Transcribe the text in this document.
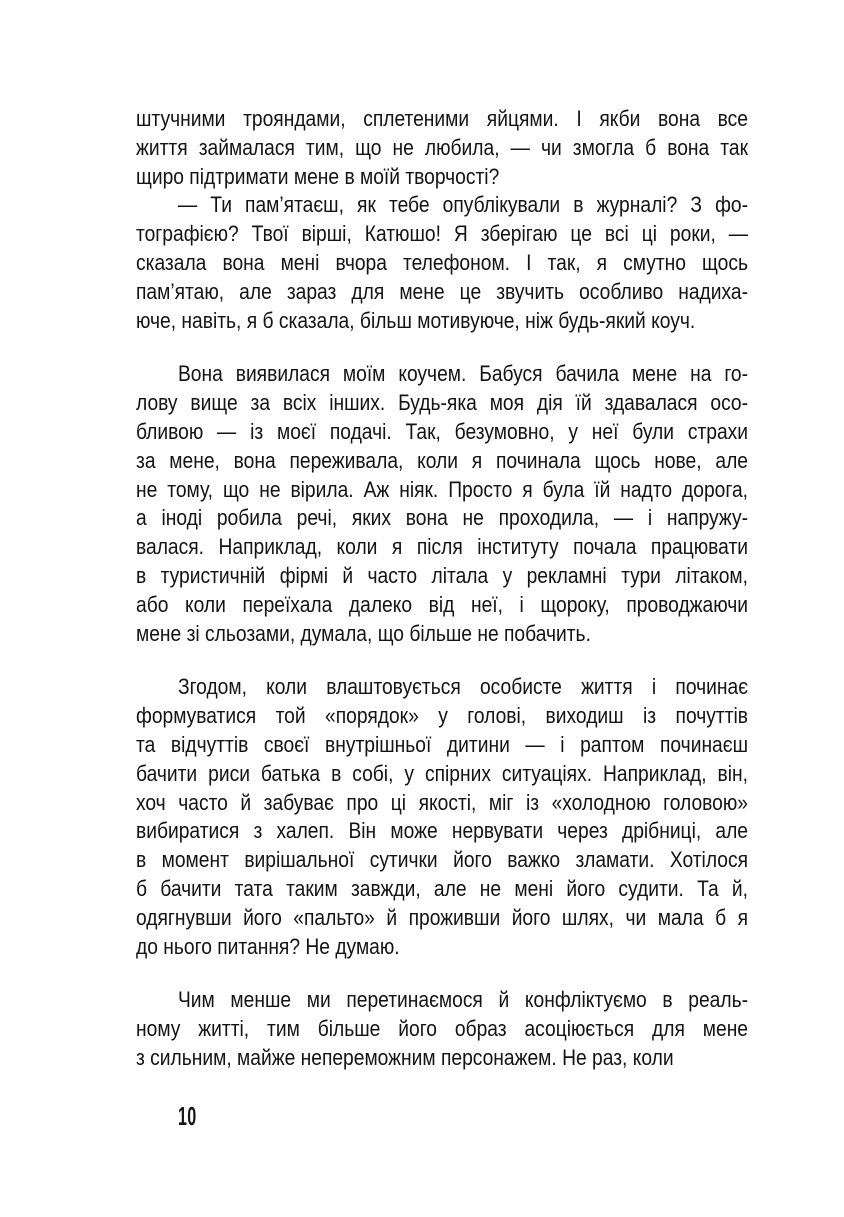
штучними трояндами, сплетеними яйцями. І якби вона все
життя займалася тим, що не любила, — чи змогла б вона так
щиро підтримати мене в моїй творчості?
— Ти пам’ятаєш, як тебе опублікували в журналі? З фо-
тографією? Твої вірші, Катюшо! Я зберігаю це всі ці роки, —
сказала вона мені вчора телефоном. І так, я смутно щось
пам’ятаю, але зараз для мене це звучить особливо надиха-
юче, навіть, я б сказала, більш мотивуюче, ніж будь-який коуч.
Вона виявилася моїм коучем. Бабуся бачила мене на го-
лову вище за всіх інших. Будь-яка моя дія їй здавалася осо-
бливою — із моєї подачі. Так, безумовно, у неї були страхи
за мене, вона переживала, коли я починала щось нове, але
не тому, що не вірила. Аж ніяк. Просто я була їй надто дорога,
а іноді робила речі, яких вона не проходила, — і напружу-
валася. Наприклад, коли я після інституту почала працювати
в туристичній фірмі й часто літала у рекламні тури літаком,
або коли переїхала далеко від неї, і щороку, проводжаючи
мене зі сльозами, думала, що більше не побачить.
Згодом, коли влаштовується особисте життя і починає
формуватися той «порядок» у голові, виходиш із почуттів
та відчуттів своєї внутрішньої дитини — і раптом починаєш
бачити риси батька в собі, у спірних ситуаціях. Наприклад, він,
хоч часто й забуває про ці якості, міг із «холодною головою»
вибиратися з халеп. Він може нервувати через дрібниці, але
в момент вирішальної сутички його важко зламати. Хотілося
б бачити тата таким завжди, але не мені його судити. Та й,
одягнувши його «пальто» й проживши його шлях, чи мала б я
до нього питання? Не думаю.
Чим менше ми перетинаємося й конфліктуємо в реаль-
ному житті, тим більше його образ асоціюється для мене
з сильним, майже непереможним персонажем. Не раз, коли
10
